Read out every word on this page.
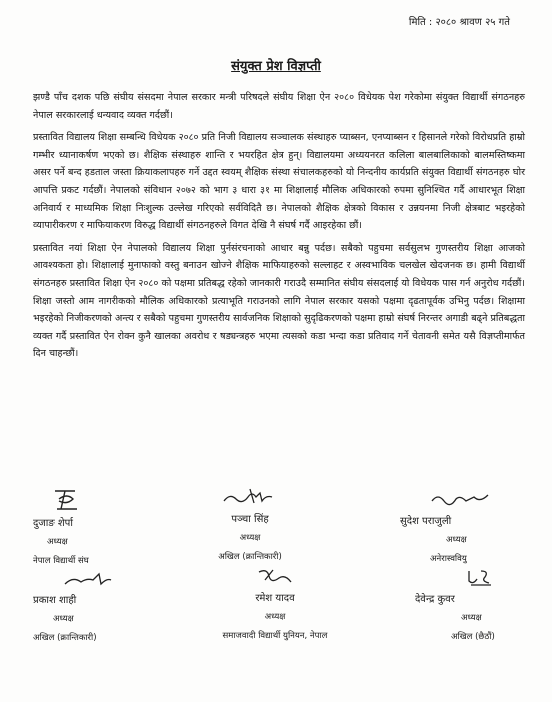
मिति : २०८० श्रावण २५ गते
संयुक्त प्रेश विज्ञप्ती

झण्डै पाँच दशक पछि संघीय संसदमा नेपाल सरकार मन्त्री परिषदले संघीय शिक्षा ऐन २०८० विधेयक पेश गरेकोमा संयुक्त विद्यार्थी संगठनहरु नेपाल सरकारलाई धन्यवाद व्यक्त गर्दछौं।

प्रस्तावित विद्यालय शिक्षा सम्बन्धि विधेयक २०८० प्रति निजी विद्यालय सञ्चालक संस्थाहरु प्याब्सन, एनप्याब्सन र हिसानले गरेको विरोधप्रति हाम्रो गम्भीर ध्यानाकर्षण भएको छ। शैक्षिक संस्थाहरु शान्ति र भयरहित क्षेत्र हुन्। विद्यालयमा अध्ययनरत कलिला बालबालिकाको बालमस्तिष्कमा असर पर्ने बन्द हडताल जस्ता क्रियाकलापहरु गर्ने उद्दत स्वयम् शैक्षिक संस्था संचालकहरुको यो निन्दनीय कार्यप्रति संयुक्त विद्यार्थी संगठनहरु घोर आपत्ति प्रकट गर्दछौं। नेपालको संविधान २०७२ को भाग ३ धारा ३१ मा शिक्षालाई मौलिक अधिकारको रुपमा सुनिश्चित गर्दै आधारभूत शिक्षा अनिवार्य र माध्यमिक शिक्षा निःशुल्क उल्लेख गरिएको सर्वविदितै छ। नेपालको शैक्षिक क्षेत्रको विकास र उन्नयनमा निजी क्षेत्रबाट भइरहेको व्यापारीकरण र माफियाकरण विरुद्ध विद्यार्थी संगठनहरुले विगत देखि नै संघर्ष गर्दै आइरहेका छौं।

प्रस्तावित नयां शिक्षा ऐन नेपालको विद्यालय शिक्षा पुर्नसंरचनाको आधार बन्नु पर्दछ। सबैको पहुचमा सर्वसुलभ गुणस्तरीय शिक्षा आजको आवश्यकता हो। शिक्षालाई मुनाफाको वस्तु बनाउन खोज्ने शैक्षिक माफियाहरुको सल्लाहट र अस्वभाविक चलखेल खेदजनक छ। हामी विद्यार्थी संगठनहरु प्रस्तावित शिक्षा ऐन २०८० को पक्षमा प्रतिबद्ध रहेको जानकारी गराउदै सम्मानित संघीय संसदलाई यो विधेयक पास गर्न अनुरोध गर्दछौं। शिक्षा जस्तो आम नागरीकको मौलिक अधिकारको प्रत्याभूति गराउनको लागि नेपाल सरकार यसको पक्षमा दृढतापूर्वक उभिनु पर्दछ। शिक्षामा भइरहेको निजीकरणको अन्त्य र सबैको पहुचमा गुणस्तरीय सार्वजनिक शिक्षाको सुदृढिकरणको पक्षमा हाम्रो संघर्ष निरन्तर अगाडी बढ्ने प्रतिबद्धता व्यक्त गर्दै प्रस्तावित ऐन रोक्न कुनै खालका अवरोध र षड्यन्त्रहरु भएमा त्यसको कडा भन्दा कडा प्रतिवाद गर्ने चेतावनी समेत यसै विज्ञप्तीमार्फत दिन चाहन्छौं।

दुजाङ शेर्पा
अध्यक्ष
नेपाल विद्यार्थी संघ
पञ्चा सिंह
अध्यक्ष
अखिल (क्रान्तिकारी)
सुदेश पराजुली
अध्यक्ष
अनेरास्ववियु
प्रकाश शाही
अध्यक्ष
अखिल (क्रान्तिकारी)
रमेश यादव
अध्यक्ष
समाजवादी विद्यार्थी युनियन, नेपाल
देवेन्द्र कुवर
अध्यक्ष
अखिल (छैठौं)
